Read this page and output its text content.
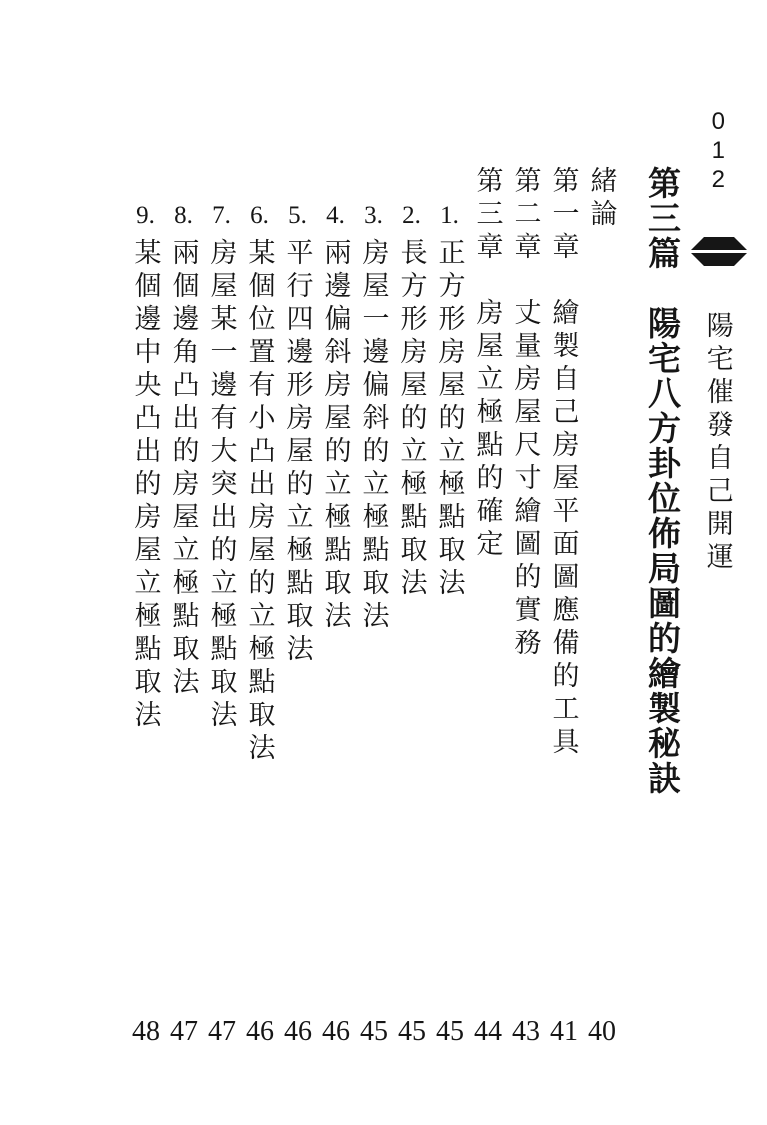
012  陽宅催發自己開運
第三篇　陽宅八方卦位佈局圖的繪製秘訣
緒論
40
第一章　繪製自己房屋平面圖應備的工具
41
第二章　丈量房屋尺寸繪圖的實務
43
第三章　房屋立極點的確定
44
1.正方形房屋的立極點取法
45
2.長方形房屋的立極點取法
45
3.房屋一邊偏斜的立極點取法
45
4.兩邊偏斜房屋的立極點取法
46
5.平行四邊形房屋的立極點取法
46
6.某個位置有小凸出房屋的立極點取法
46
7.房屋某一邊有大突出的立極點取法
47
8.兩個邊角凸出的房屋立極點取法
47
9.某個邊中央凸出的房屋立極點取法
48
